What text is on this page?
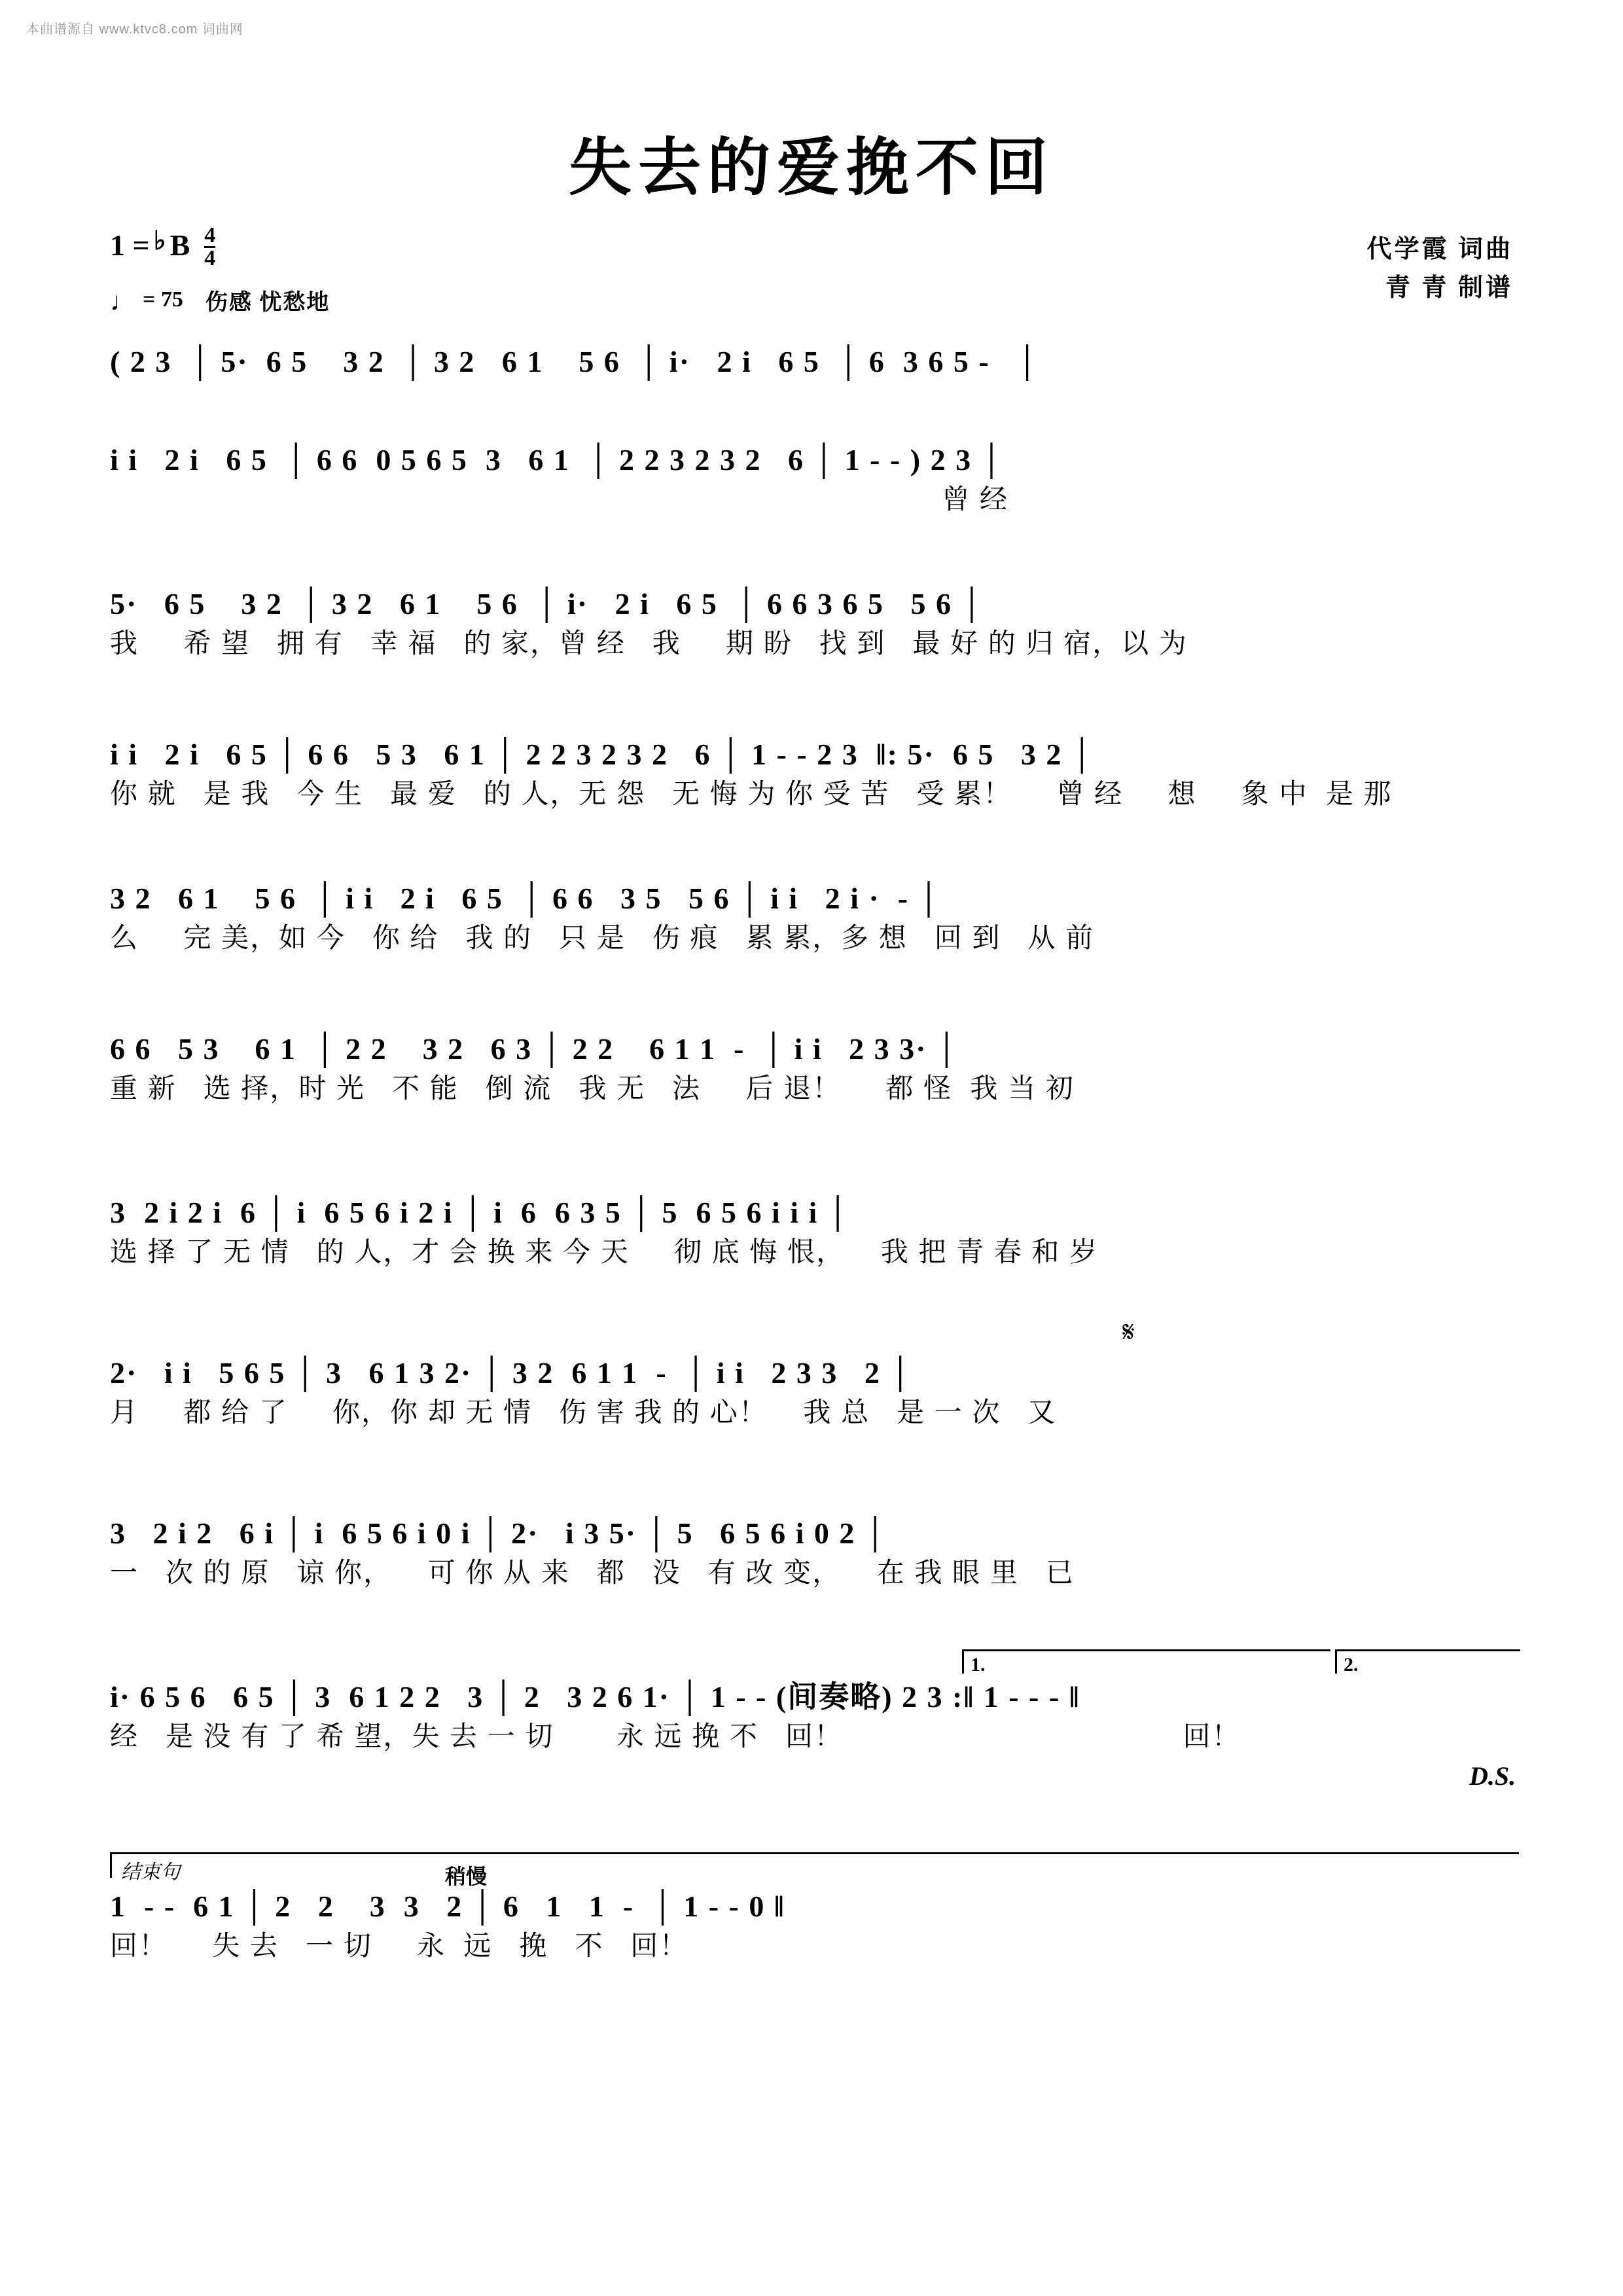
本曲谱源自 www.ktvc8.com 词曲网
失去的爱挽不回
1 = ♭ B $\frac{4}{4}$
♩ = 75 伤感 忧愁地
代学霞 词曲
青 青 制谱
( 2 3  │ 5·  6 5    3 2  │ 3 2   6 1    5 6  │ i·   2 i   6 5  │ 6  3 6 5 -   │
i i   2 i   6 5  │ 6 6  0 5 6 5  3   6 1  │ 2 2 3 2 3 2   6 │ 1 - - ) 2 3 │
曾 经
5·   6 5    3 2  │ 3 2   6 1    5 6  │ i·   2 i   6 5  │ 6 6 3 6 5   5 6 │
我     希 望   拥 有   幸 福   的 家，曾 经   我     期 盼   找 到   最 好 的 归 宿，以 为
i i   2 i   6 5 │ 6 6   5 3   6 1 │ 2 2 3 2 3 2   6 │ 1 - - 2 3  ‖: 5·  6 5   3 2 │
你 就   是 我   今 生   最 爱   的 人，无 怨   无 悔 为 你 受 苦   受 累！     曾 经     想     象 中  是 那
3 2   6 1    5 6  │ i i   2 i   6 5  │ 6 6   3 5   5 6 │ i i   2 i ·  - │
么     完 美，如 今   你 给   我 的   只 是   伤 痕   累 累，多 想   回 到   从 前
6 6   5 3    6 1  │ 2 2    3 2   6 3 │ 2 2    6 1 1  -  │ i i   2 3 3· │
重 新   选 择，时 光   不 能   倒 流   我 无   法     后 退！     都 怪  我 当 初
3  2 i 2 i  6 │ i  6 5 6 i 2 i │ i  6  6 3 5 │ 5  6 5 6 i i i │
选 择 了 无 情   的 人，才 会 换 来 今 天     彻 底 悔 恨，    我 把 青 春 和 岁
𝄋
2·   i i   5 6 5 │ 3   6 1 3 2· │ 3 2  6 1 1  -  │ i i   2 3 3   2 │
月     都 给 了     你，你 却 无 情   伤 害 我 的 心！    我 总   是 一 次   又
3   2 i 2   6 i │ i  6 5 6 i 0 i │ 2·   i 3 5· │ 5   6 5 6 i 0 2 │
一   次 的 原   谅 你，    可 你 从 来   都   没   有 改 变，    在 我 眼 里   已
1.	2.
i· 6 5 6   6 5 │ 3  6 1 2 2   3 │ 2   3 2 6 1· │ 1 - - (间奏略) 2 3 :‖ 1 - - - ‖
经   是 没 有 了 希 望，失 去 一 切       永 远 挽 不   回！                                      回！
D.S.
结束句	稍慢
1  - -  6 1 │ 2   2    3  3   2 │ 6   1   1  -  │ 1 - - 0 ‖
回！     失 去   一 切     永  远   挽   不   回！
